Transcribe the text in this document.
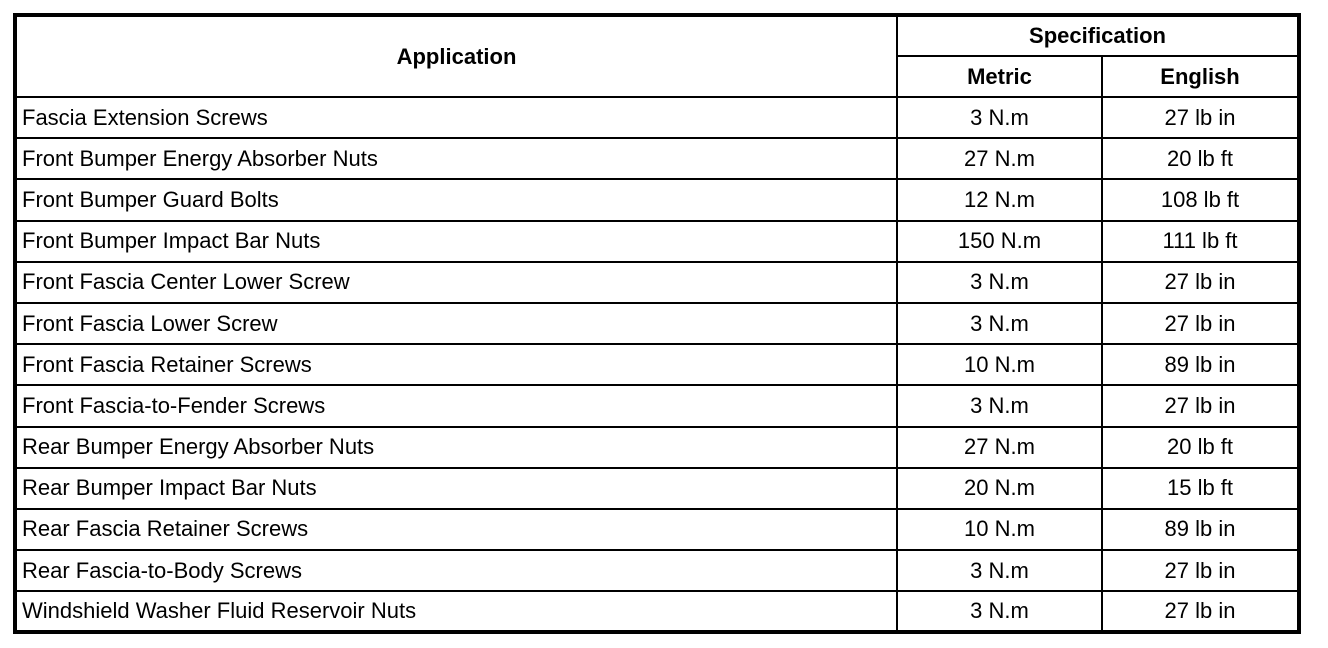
Application	Specification	
	Metric	English
Fascia Extension Screws	3 N.m	27 lb in
Front Bumper Energy Absorber Nuts	27 N.m	20 lb ft
Front Bumper Guard Bolts	12 N.m	108 lb ft
Front Bumper Impact Bar Nuts	150 N.m	111 lb ft
Front Fascia Center Lower Screw	3 N.m	27 lb in
Front Fascia Lower Screw	3 N.m	27 lb in
Front Fascia Retainer Screws	10 N.m	89 lb in
Front Fascia-to-Fender Screws	3 N.m	27 lb in
Rear Bumper Energy Absorber Nuts	27 N.m	20 lb ft
Rear Bumper Impact Bar Nuts	20 N.m	15 lb ft
Rear Fascia Retainer Screws	10 N.m	89 lb in
Rear Fascia-to-Body Screws	3 N.m	27 lb in
Windshield Washer Fluid Reservoir Nuts	3 N.m	27 lb in
